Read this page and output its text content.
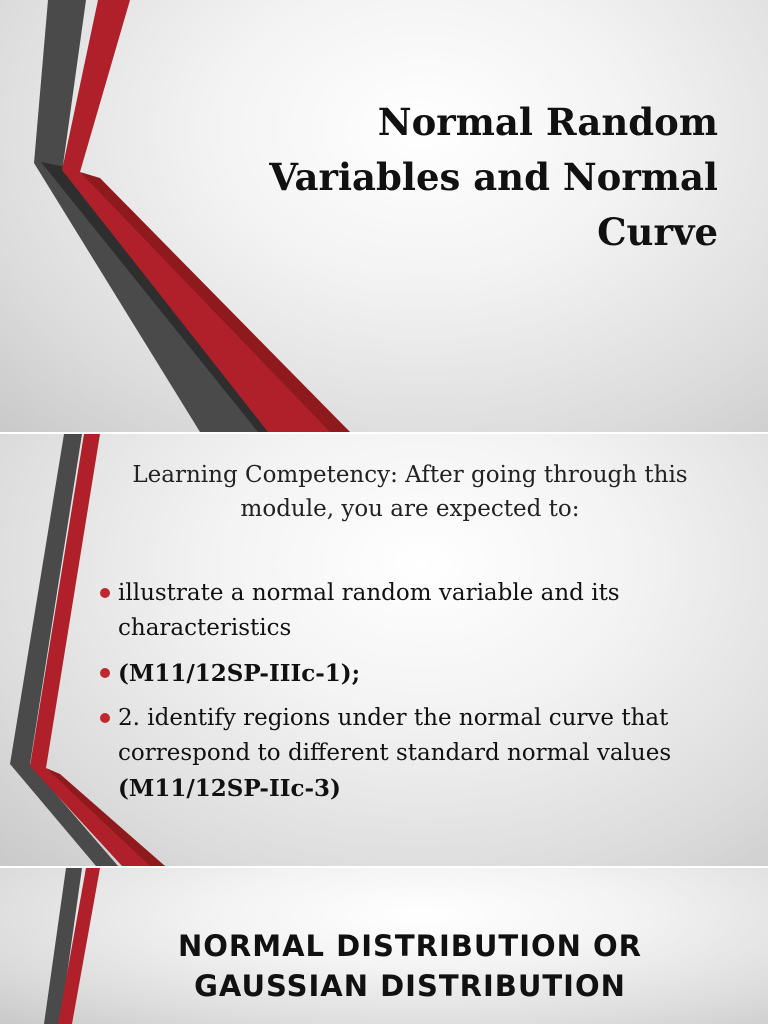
Normal Random
Variables and Normal
Curve
Learning Competency: After going through this
module, you are expected to:
illustrate a normal random variable and its
characteristics
(M11/12SP-IIIc-1);
2. identify regions under the normal curve that
correspond to different standard normal values
(M11/12SP-IIc-3)
NORMAL DISTRIBUTION OR
GAUSSIAN DISTRIBUTION
